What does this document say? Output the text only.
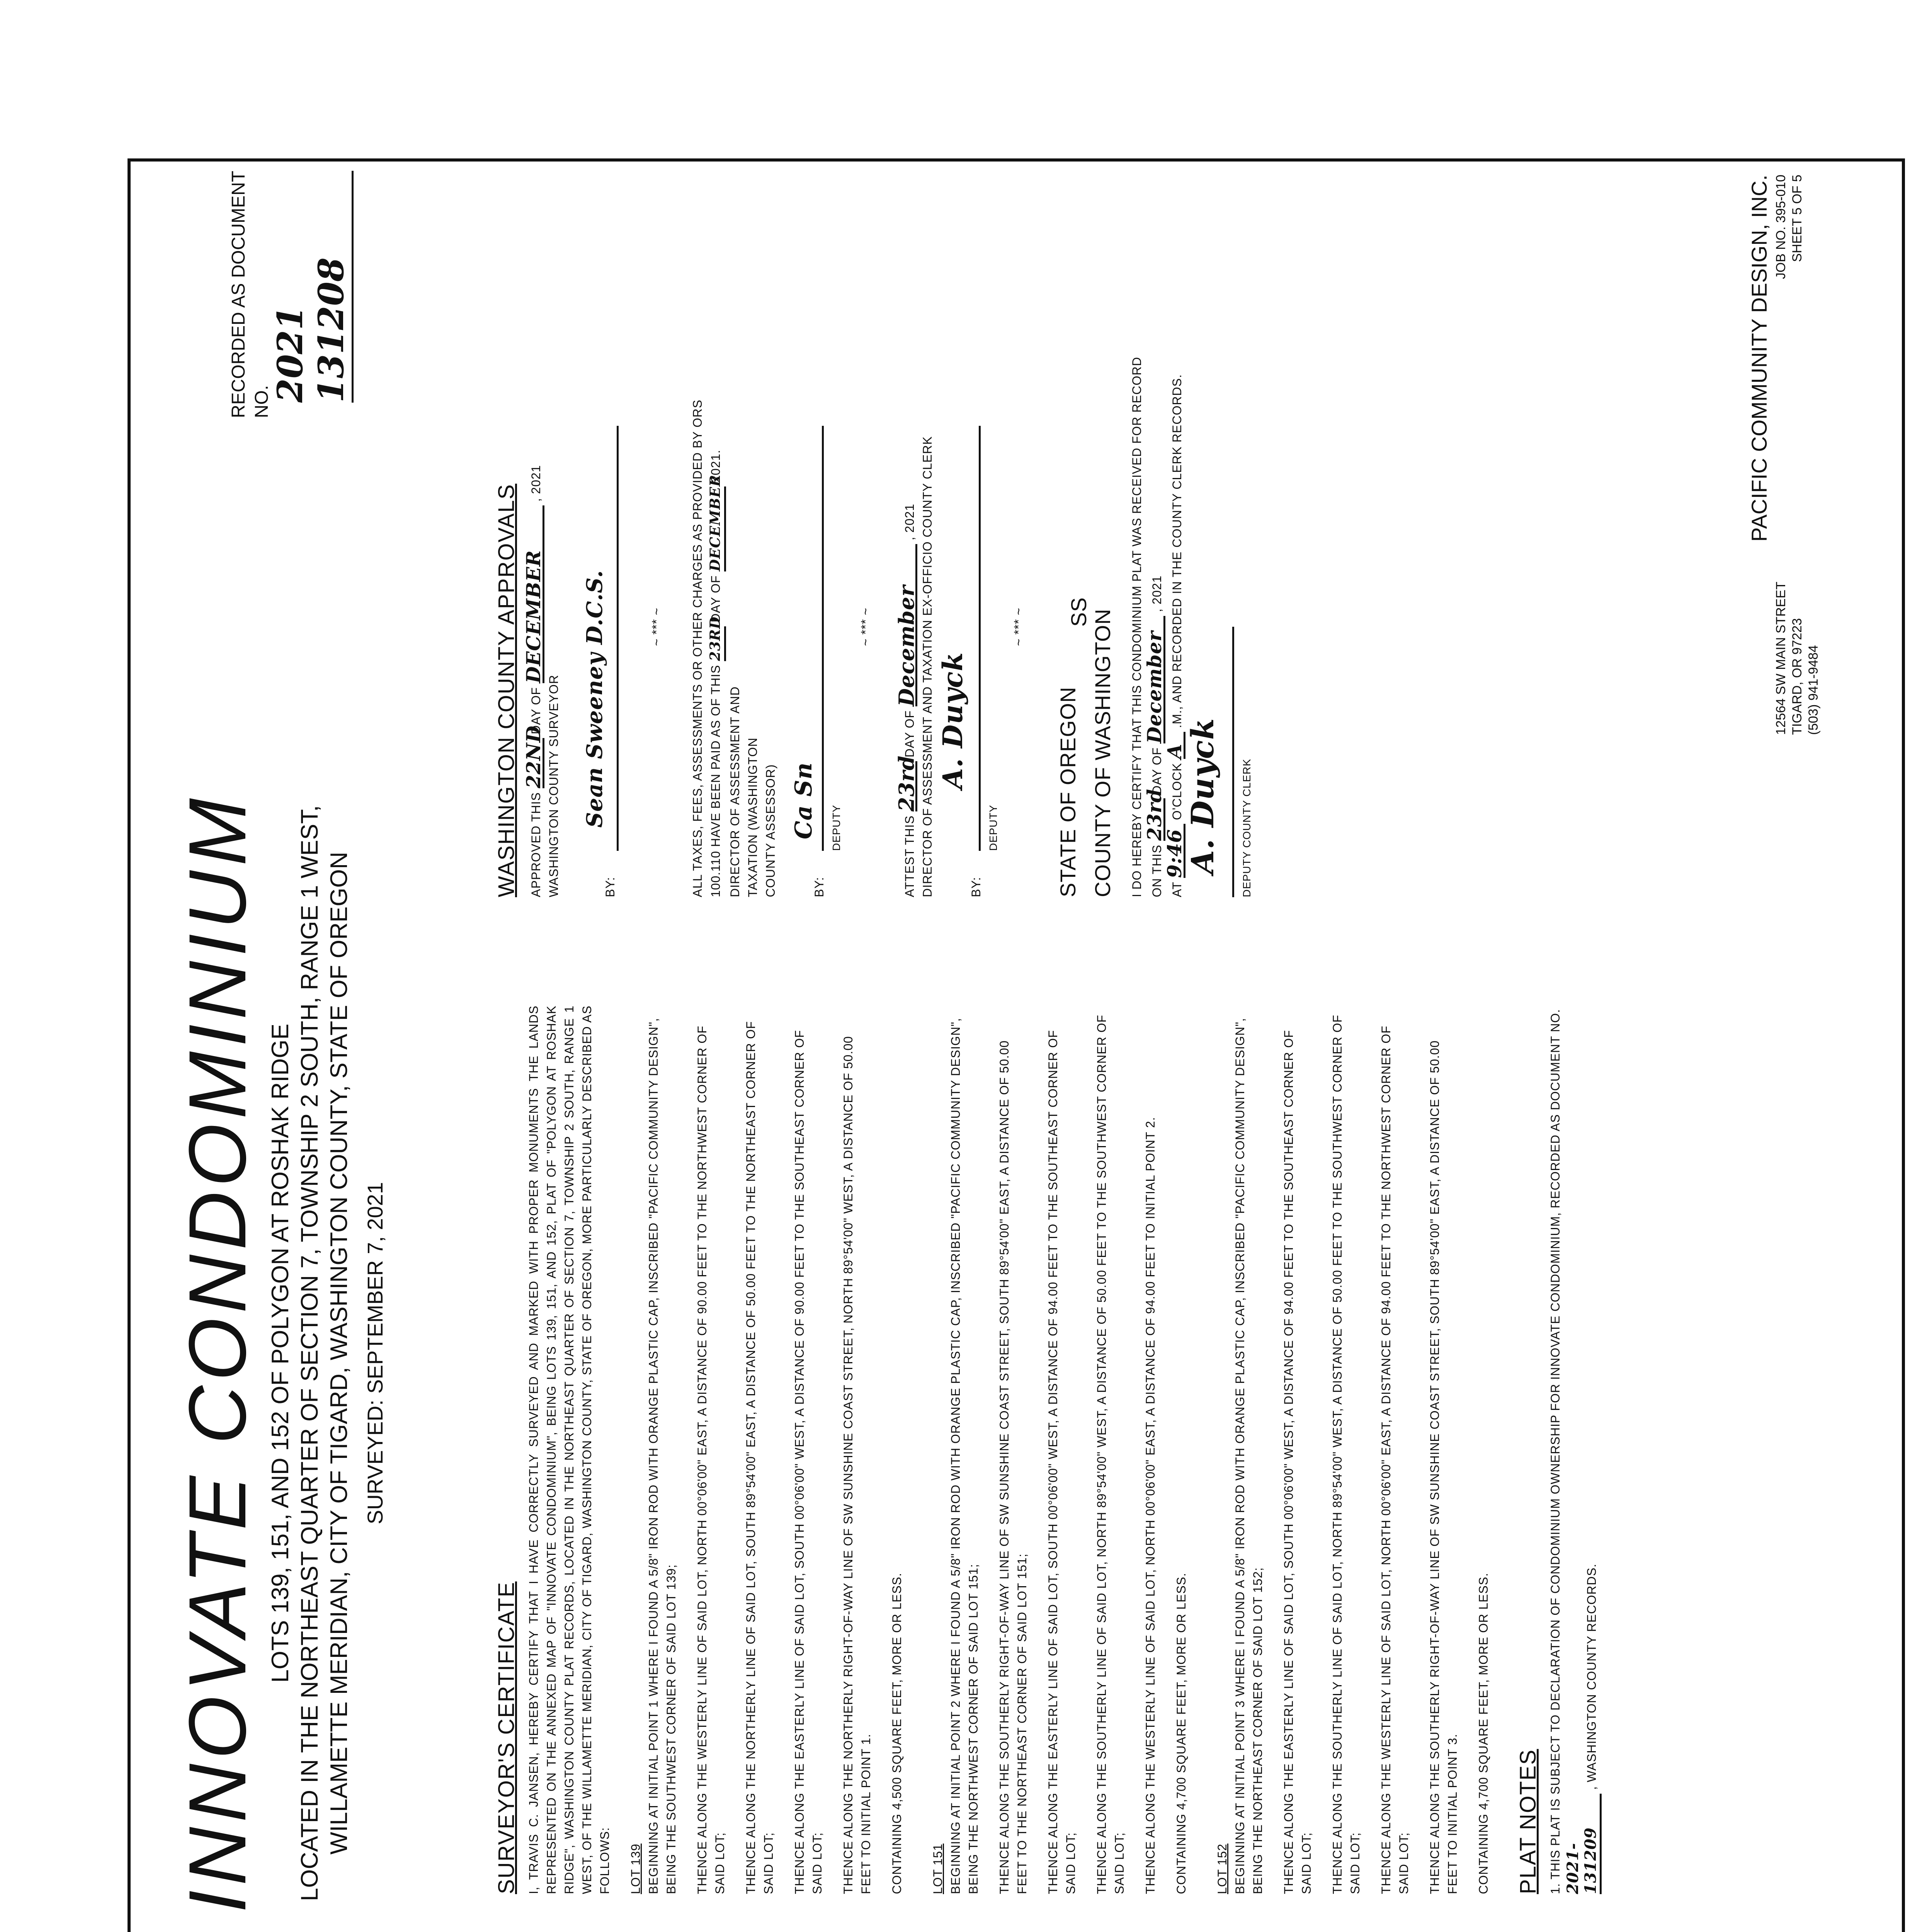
INNOVATE CONDOMINIUM LOTS 139, 151, AND 152 OF POLYGON AT ROSHAK RIDGE LOCATED IN THE NORTHEAST QUARTER OF SECTION 7, TOWNSHIP 2 SOUTH, RANGE 1 WEST, WILLAMETTE MERIDIAN, CITY OF TIGARD, WASHINGTON COUNTY, STATE OF OREGON SURVEYED: SEPTEMBER 7, 2021
RECORDED AS DOCUMENT NO.
2021 131208

SURVEYOR'S CERTIFICATE I, TRAVIS C. JANSEN, HEREBY CERTIFY THAT I HAVE CORRECTLY SURVEYED AND MARKED WITH PROPER MONUMENTS THE LANDS REPRESENTED ON THE ANNEXED MAP OF "INNOVATE CONDOMINIUM", BEING LOTS 139, 151, AND 152, PLAT OF "POLYGON AT ROSHAK RIDGE", WASHINGTON COUNTY PLAT RECORDS, LOCATED IN THE NORTHEAST QUARTER OF SECTION 7, TOWNSHIP 2 SOUTH, RANGE 1 WEST, OF THE WILLAMETTE MERIDIAN, CITY OF TIGARD, WASHINGTON COUNTY, STATE OF OREGON, MORE PARTICULARLY DESCRIBED AS FOLLOWS: LOT 139 BEGINNING AT INITIAL POINT 1 WHERE I FOUND A 5/8" IRON ROD WITH ORANGE PLASTIC CAP, INSCRIBED "PACIFIC COMMUNITY DESIGN", BEING THE SOUTHWEST CORNER OF SAID LOT 139; THENCE ALONG THE WESTERLY LINE OF SAID LOT, NORTH 00°06'00" EAST, A DISTANCE OF 90.00 FEET TO THE NORTHWEST CORNER OF SAID LOT; THENCE ALONG THE NORTHERLY LINE OF SAID LOT, SOUTH 89°54'00" EAST, A DISTANCE OF 50.00 FEET TO THE NORTHEAST CORNER OF SAID LOT; THENCE ALONG THE EASTERLY LINE OF SAID LOT, SOUTH 00°06'00" WEST, A DISTANCE OF 90.00 FEET TO THE SOUTHEAST CORNER OF SAID LOT; THENCE ALONG THE NORTHERLY RIGHT-OF-WAY LINE OF SW SUNSHINE COAST STREET, NORTH 89°54'00" WEST, A DISTANCE OF 50.00 FEET TO INITIAL POINT 1. CONTAINING 4,500 SQUARE FEET, MORE OR LESS. LOT 151 BEGINNING AT INITIAL POINT 2 WHERE I FOUND A 5/8" IRON ROD WITH ORANGE PLASTIC CAP, INSCRIBED "PACIFIC COMMUNITY DESIGN", BEING THE NORTHWEST CORNER OF SAID LOT 151; THENCE ALONG THE SOUTHERLY RIGHT-OF-WAY LINE OF SW SUNSHINE COAST STREET, SOUTH 89°54'00" EAST, A DISTANCE OF 50.00 FEET TO THE NORTHEAST CORNER OF SAID LOT 151; THENCE ALONG THE EASTERLY LINE OF SAID LOT, SOUTH 00°06'00" WEST, A DISTANCE OF 94.00 FEET TO THE SOUTHEAST CORNER OF SAID LOT; THENCE ALONG THE SOUTHERLY LINE OF SAID LOT, NORTH 89°54'00" WEST, A DISTANCE OF 50.00 FEET TO THE SOUTHWEST CORNER OF SAID LOT; THENCE ALONG THE WESTERLY LINE OF SAID LOT, NORTH 00°06'00" EAST, A DISTANCE OF 94.00 FEET TO INITIAL POINT 2. CONTAINING 4,700 SQUARE FEET, MORE OR LESS. LOT 152 BEGINNING AT INITIAL POINT 3 WHERE I FOUND A 5/8" IRON ROD WITH ORANGE PLASTIC CAP, INSCRIBED "PACIFIC COMMUNITY DESIGN", BEING THE NORTHEAST CORNER OF SAID LOT 152; THENCE ALONG THE EASTERLY LINE OF SAID LOT, SOUTH 00°06'00" WEST, A DISTANCE OF 94.00 FEET TO THE SOUTHEAST CORNER OF SAID LOT; THENCE ALONG THE SOUTHERLY LINE OF SAID LOT, NORTH 89°54'00" WEST, A DISTANCE OF 50.00 FEET TO THE SOUTHWEST CORNER OF SAID LOT; THENCE ALONG THE WESTERLY LINE OF SAID LOT, NORTH 00°06'00" EAST, A DISTANCE OF 94.00 FEET TO THE NORTHWEST CORNER OF SAID LOT; THENCE ALONG THE SOUTHERLY RIGHT-OF-WAY LINE OF SW SUNSHINE COAST STREET, SOUTH 89°54'00" EAST, A DISTANCE OF 50.00 FEET TO INITIAL POINT 3. CONTAINING 4,700 SQUARE FEET, MORE OR LESS. PLAT NOTES 1. THIS PLAT IS SUBJECT TO DECLARATION OF CONDOMINIUM OWNERSHIP FOR INNOVATE CONDOMINIUM, RECORDED AS DOCUMENT NO. 2021-131209 , WASHINGTON COUNTY RECORDS.

WASHINGTON COUNTY APPROVALS APPROVED THIS 22ND DAY OF DECEMBER , 2021
WASHINGTON COUNTY SURVEYOR	BY:
Sean Sweeney D.C.S.	~ *** ~ ALL TAXES, FEES, ASSESSMENTS OR OTHER CHARGES AS PROVIDED BY ORS 100.110 HAVE BEEN PAID AS OF THIS 23RD DAY OF DECEMBER 2021.

DIRECTOR OF ASSESSMENT AND TAXATION (WASHINGTON COUNTY ASSESSOR)	BY:
Ca Sn DEPUTY
~ *** ~
ATTEST THIS 23rd DAY OF December , 2021 DIRECTOR OF ASSESSMENT AND TAXATION EX-OFFICIO COUNTY CLERK	BY:
A. Duyck
DEPUTY
~ *** ~
STATE OF OREGON COUNTY OF WASHINGTON
SS	I DO HEREBY CERTIFY THAT THIS CONDOMINIUM PLAT WAS RECEIVED FOR RECORD ON THIS 23rd DAY OF December , 2021
AT 9:46 O'CLOCK A .M., AND RECORDED IN THE COUNTY CLERK RECORDS.
A. Duyck DEPUTY COUNTY CLERK
PACIFIC COMMUNITY DESIGN, INC.
12564 SW MAIN STREET TIGARD, OR 97223 (503) 941-9484
JOB NO. 395-010 SHEET 5 OF 5
